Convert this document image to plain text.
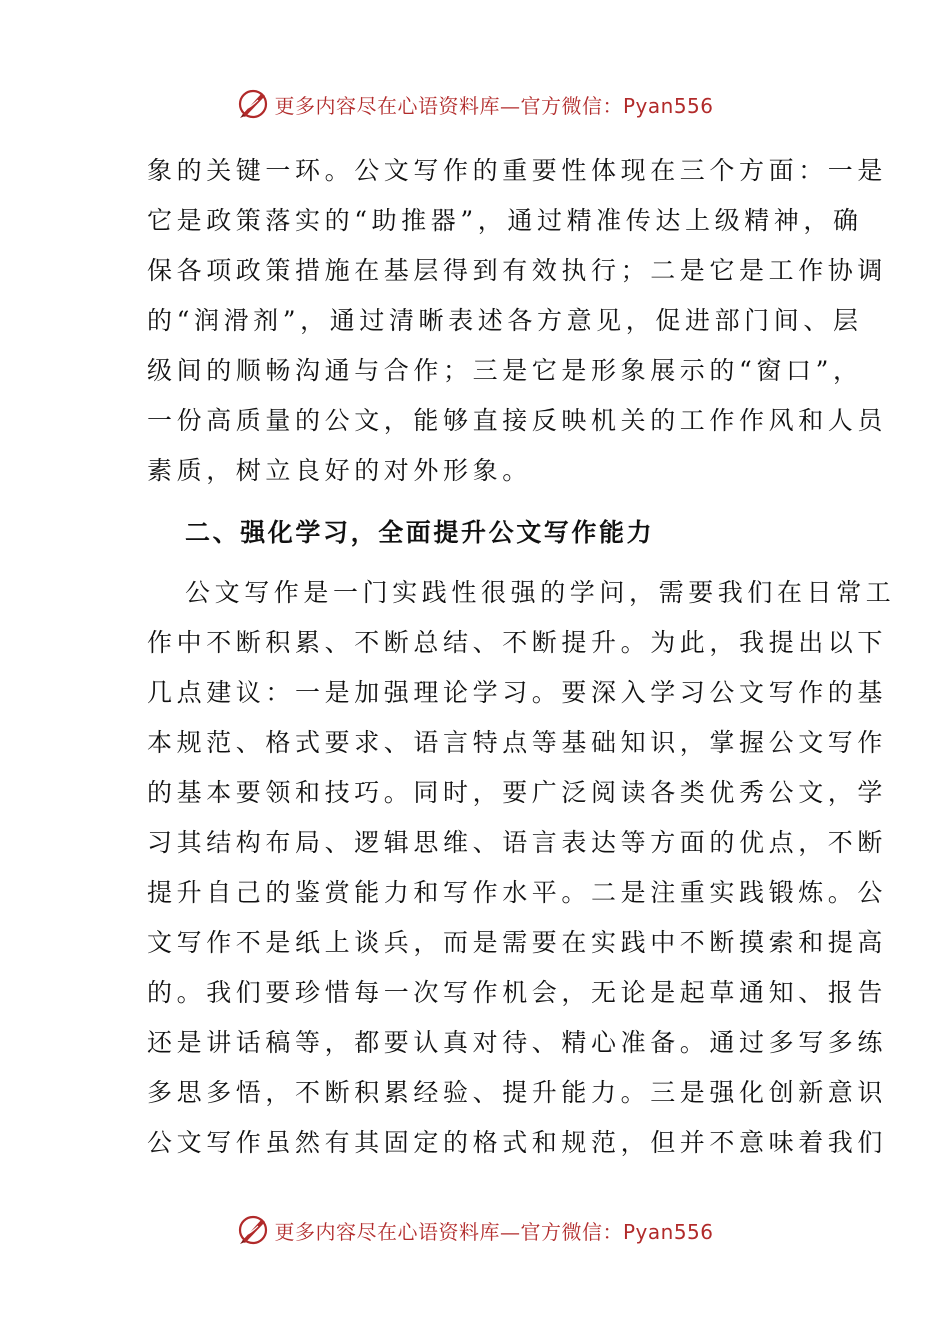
更多内容尽在心语资料库—官方微信：Pyan556
象的关键一环。公文写作的重要性体现在三个方面：一是
它是政策落实的“助推器”，通过精准传达上级精神，确
保各项政策措施在基层得到有效执行；二是它是工作协调
的“润滑剂”，通过清晰表述各方意见，促进部门间、层
级间的顺畅沟通与合作；三是它是形象展示的“窗口”，
一份高质量的公文，能够直接反映机关的工作作风和人员
素质，树立良好的对外形象。
二、强化学习，全面提升公文写作能力
公文写作是一门实践性很强的学问，需要我们在日常工
作中不断积累、不断总结、不断提升。为此，我提出以下
几点建议：一是加强理论学习。要深入学习公文写作的基
本规范、格式要求、语言特点等基础知识，掌握公文写作
的基本要领和技巧。同时，要广泛阅读各类优秀公文，学
习其结构布局、逻辑思维、语言表达等方面的优点，不断
提升自己的鉴赏能力和写作水平。二是注重实践锻炼。公
文写作不是纸上谈兵，而是需要在实践中不断摸索和提高
的。我们要珍惜每一次写作机会，无论是起草通知、报告
还是讲话稿等，都要认真对待、精心准备。通过多写多练
多思多悟，不断积累经验、提升能力。三是强化创新意识
公文写作虽然有其固定的格式和规范，但并不意味着我们
更多内容尽在心语资料库—官方微信：Pyan556
